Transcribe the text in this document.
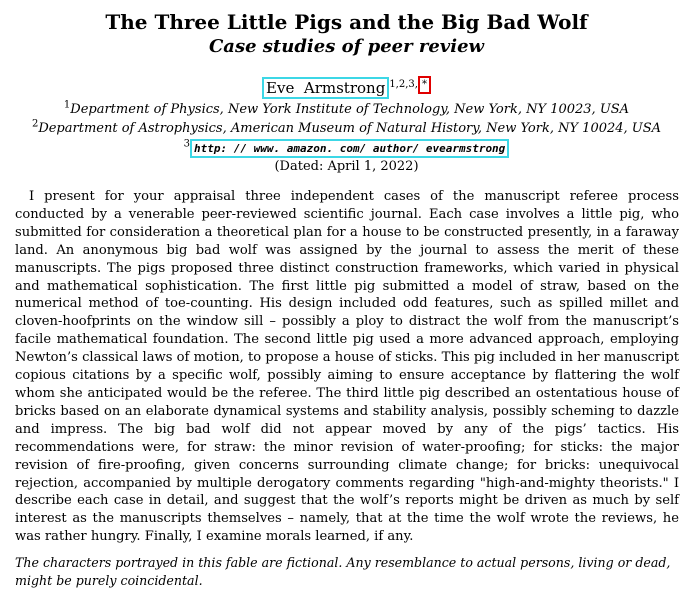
The Three Little Pigs and the Big Bad Wolf
Case studies of peer review
Eve  Armstrong $^{1,2,3,}$ *
$^1$Department of Physics, New York Institute of Technology, New York, NY 10023, USA
$^2$Department of Astrophysics, American Museum of Natural History, New York, NY 10024, USA
$^3$ http: // www. amazon. com/ author/ evearmstrong
(Dated: April 1, 2022)
I present for your appraisal three independent cases of the manuscript referee process conducted by a venerable peer-reviewed scientific journal. Each case involves a little pig, who submitted for consideration a theoretical plan for a house to be constructed presently, in a faraway land. An anonymous big bad wolf was assigned by the journal to assess the merit of these manuscripts. The pigs proposed three distinct construction frameworks, which varied in physical and mathematical sophistication. The first little pig submitted a model of straw, based on the numerical method of toe-counting. His design included odd features, such as spilled millet and cloven-hoofprints on the window sill – possibly a ploy to distract the wolf from the manuscript’s facile mathematical foundation. The second little pig used a more advanced approach, employing Newton’s classical laws of motion, to propose a house of sticks. This pig included in her manuscript copious citations by a specific wolf, possibly aiming to ensure acceptance by flattering the wolf whom she anticipated would be the referee. The third little pig described an ostentatious house of bricks based on an elaborate dynamical systems and stability analysis, possibly scheming to dazzle and impress. The big bad wolf did not appear moved by any of the pigs’ tactics. His recommendations were, for straw: the minor revision of water-proofing; for sticks: the major revision of fire-proofing, given concerns surrounding climate change; for bricks: unequivocal rejection, accompanied by multiple derogatory comments regarding "high-and-mighty theorists." I describe each case in detail, and suggest that the wolf’s reports might be driven as much by self interest as the manuscripts themselves – namely, that at the time the wolf wrote the reviews, he was rather hungry. Finally, I examine morals learned, if any.
The characters portrayed in this fable are fictional. Any resemblance to actual persons, living or dead, might be purely coincidental.
